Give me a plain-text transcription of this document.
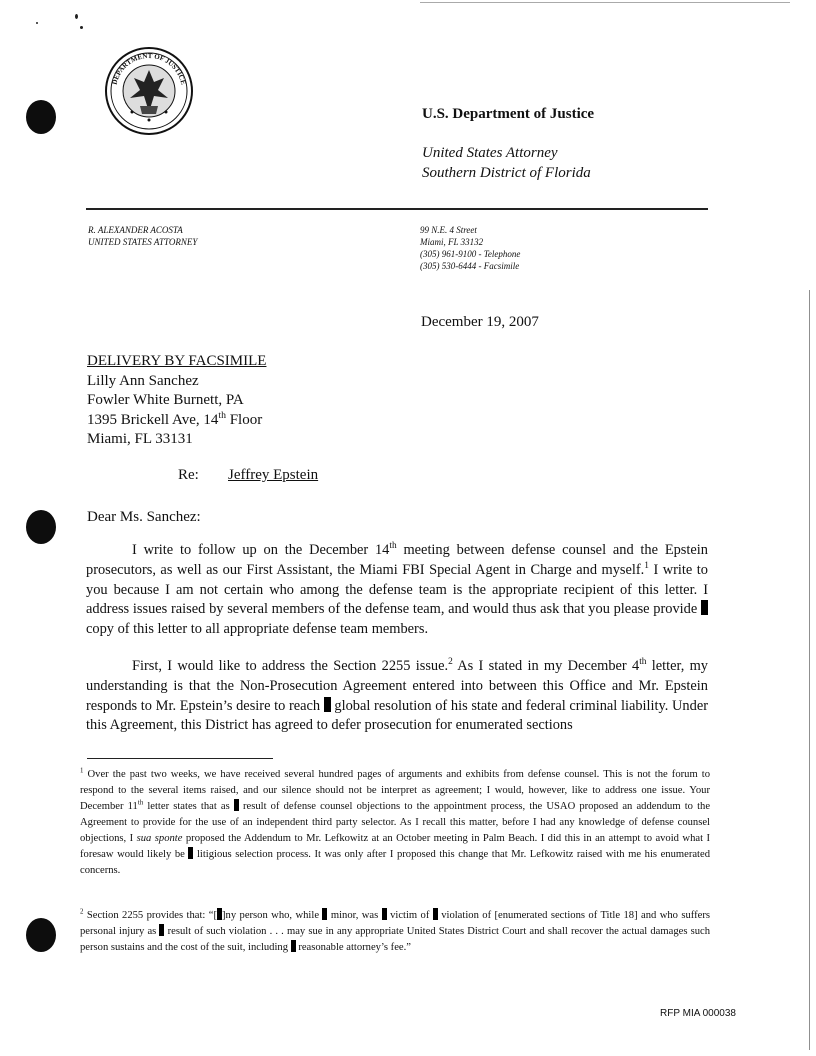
DEPARTMENT OF JUSTICE
U.S. Department of Justice
United States Attorney
Southern District of Florida
R. ALEXANDER ACOSTA
UNITED STATES ATTORNEY
99 N.E. 4 Street
Miami, FL 33132
(305) 961-9100 - Telephone
(305) 530-6444 - Facsimile
December 19, 2007
DELIVERY BY FACSIMILE
Lilly Ann Sanchez
Fowler White Burnett, PA
1395 Brickell Ave, 14th Floor
Miami, FL 33131
Re: Jeffrey Epstein
Dear Ms. Sanchez:

I write to follow up on the December 14th meeting between defense counsel and the Epstein prosecutors, as well as our First Assistant, the Miami FBI Special Agent in Charge and myself.$^1$ I write to you because I am not certain who among the defense team is the appropriate recipient of this letter. I address issues raised by several members of the defense team, and would thus ask that you please provide  copy of this letter to all appropriate defense team members.

First, I would like to address the Section 2255 issue.$^2$ As I stated in my December 4th letter, my understanding is that the Non-Prosecution Agreement entered into between this Office and Mr. Epstein responds to Mr. Epstein’s desire to reach  global resolution of his state and federal criminal liability. Under this Agreement, this District has agreed to defer prosecution for enumerated sections

$^1$ Over the past two weeks, we have received several hundred pages of arguments and exhibits from defense counsel. This is not the forum to respond to the several items raised, and our silence should not be interpret as agreement; I would, however, like to address one issue. Your December 11th letter states that as  result of defense counsel objections to the appointment process, the USAO proposed an addendum to the Agreement to provide for the use of an independent third party selector. As I recall this matter, before I had any knowledge of defense counsel objections, I sua sponte proposed the Addendum to Mr. Lefkowitz at an October meeting in Palm Beach. I did this in an attempt to avoid what I foresaw would likely be  litigious selection process. It was only after I proposed this change that Mr. Lefkowitz raised with me his enumerated concerns.
$^2$ Section 2255 provides that: “[ ]ny person who, while  minor, was  victim of  violation of [enumerated sections of Title 18] and who suffers personal injury as  result of such violation . . . may sue in any appropriate United States District Court and shall recover the actual damages such person sustains and the cost of the suit, including  reasonable attorney’s fee.”
RFP MIA 000038
